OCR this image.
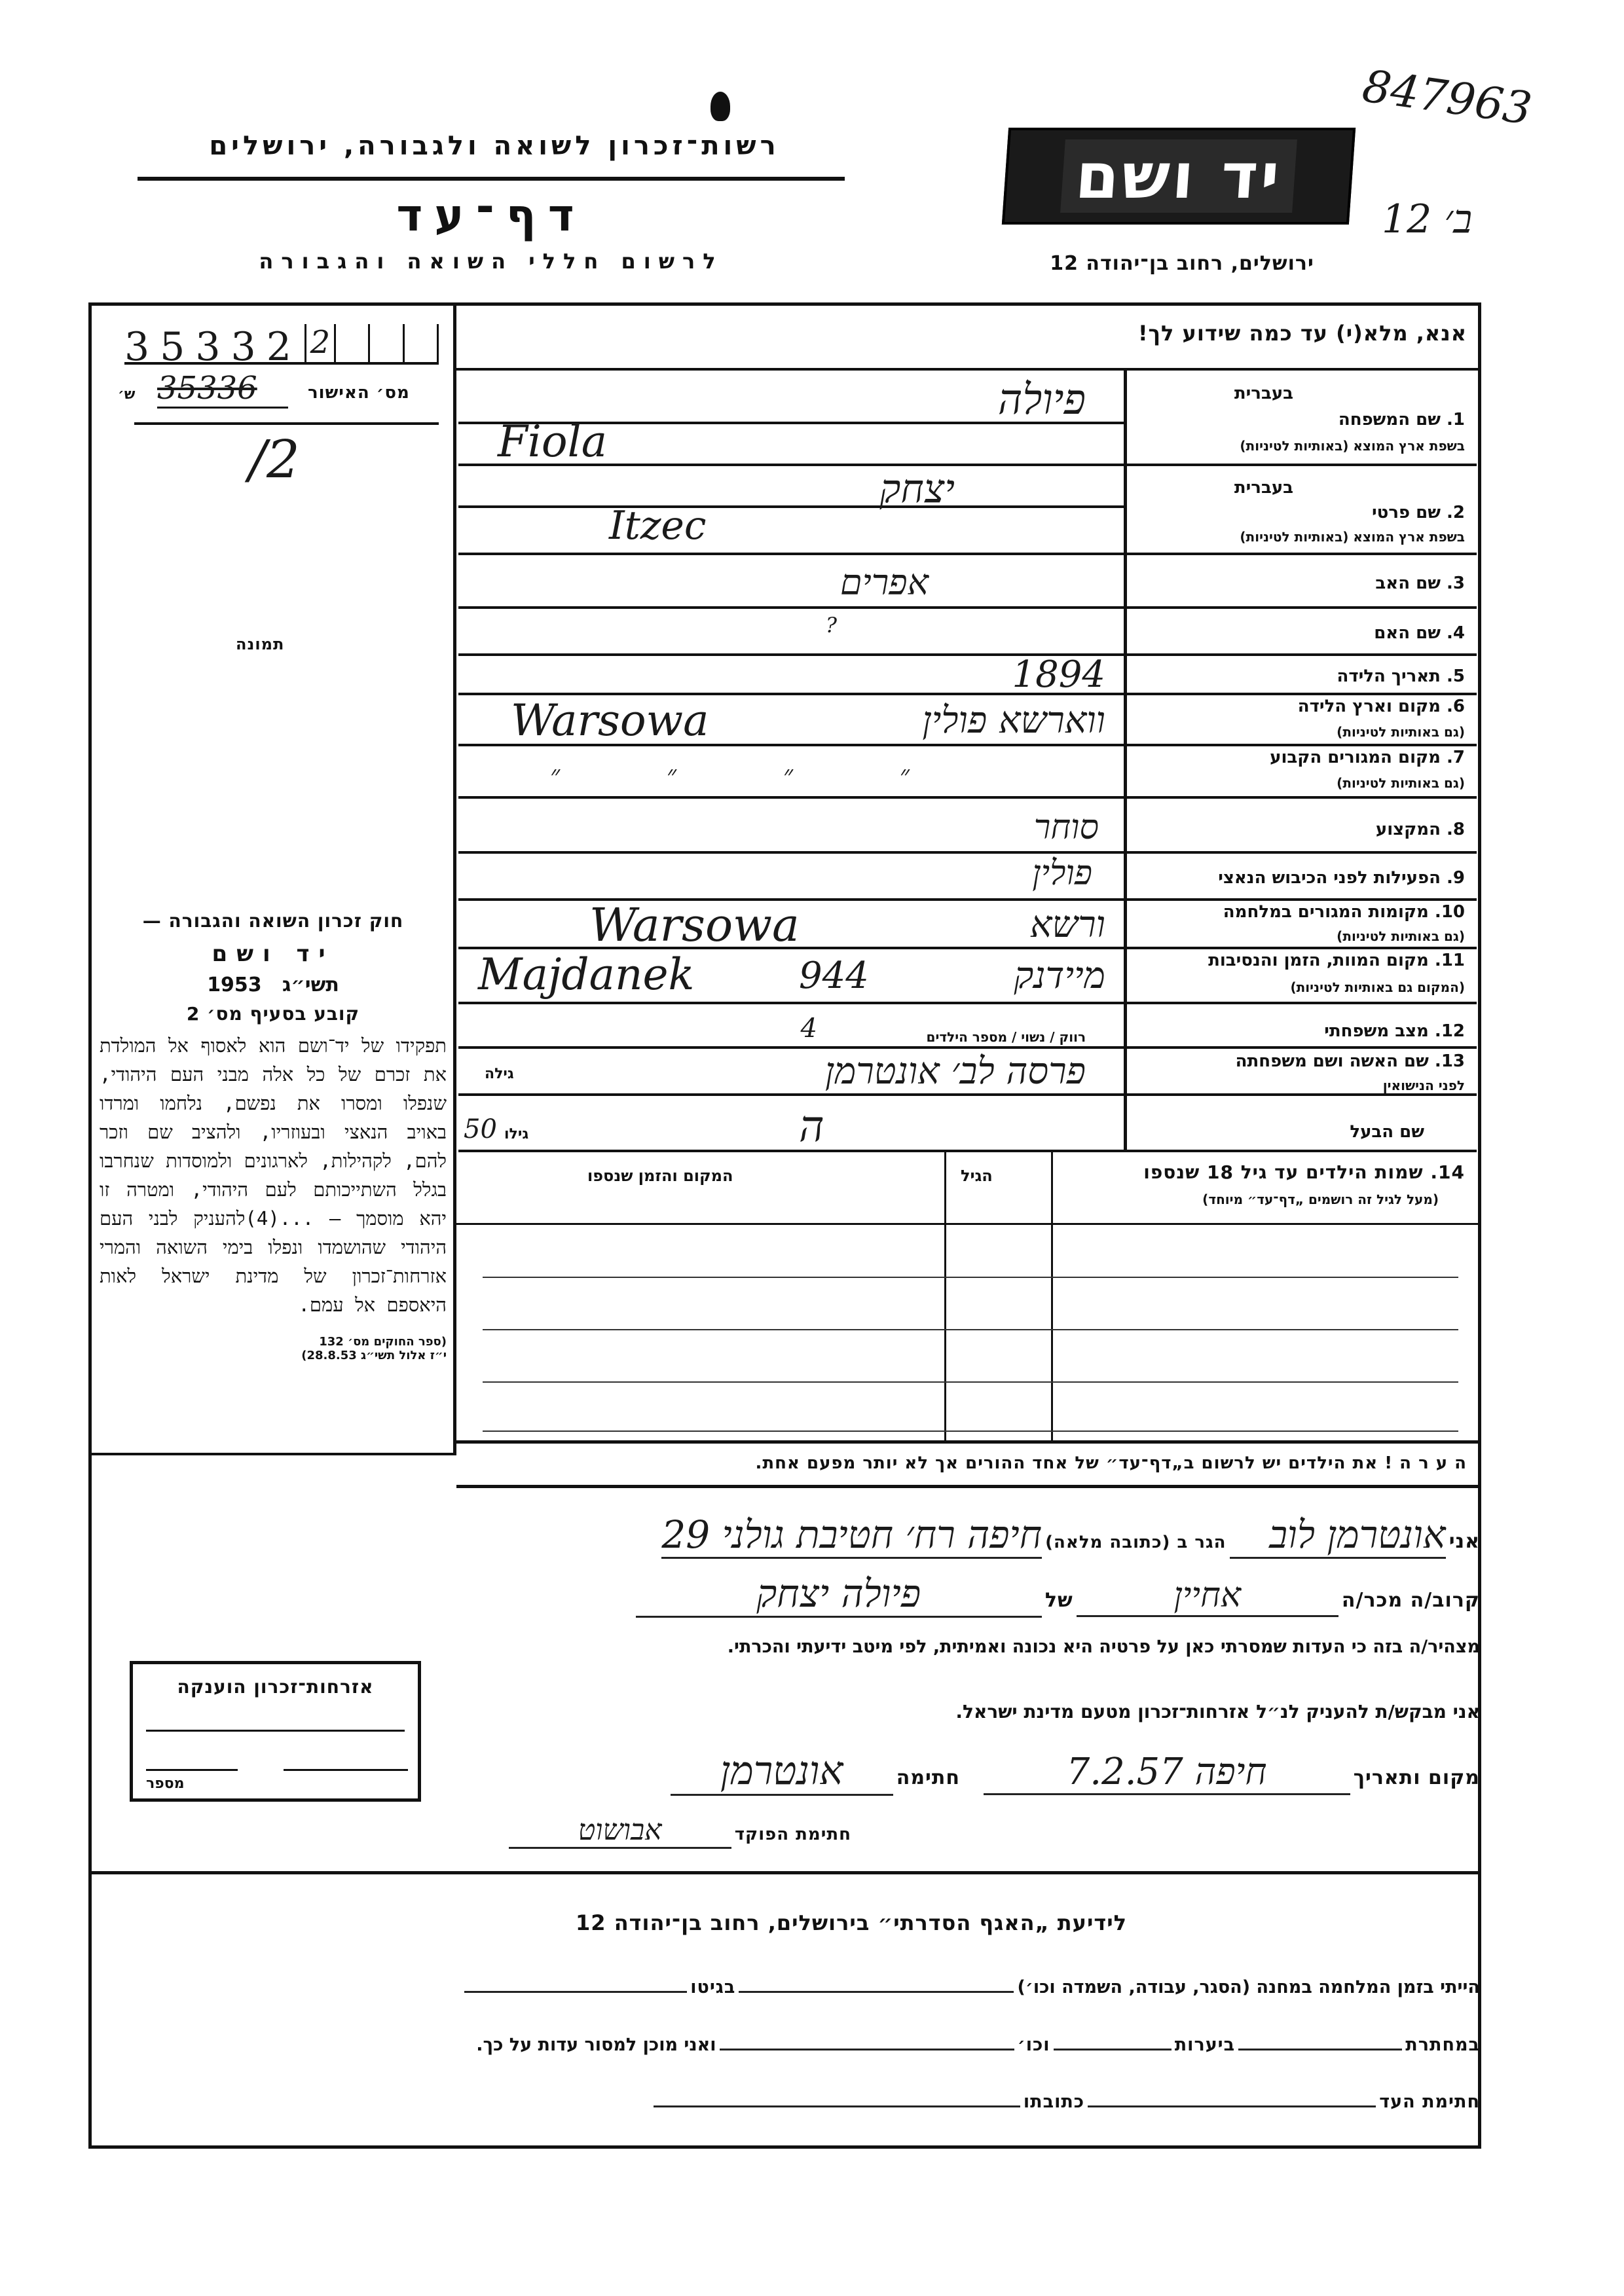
רשות־זכרון לשואה ולגבורה, ירושלים
דף־עד
לרשום חללי השואה והגבורה
יד ושם
ירושלים, רחוב בן־יהודה 12
847963
ב׳ 12
אנא, מלא(י) עד כמה שידוע לך!
35332 2
מס׳ האישור
ש׳ 35336
/2
תמונה
חוק זכרון השואה והגבורה —
יד ושם
תשי״ג   1953
קובע בסעיף מס׳ 2
תפקידו של יד־ושם הוא לאסוף אל המולדת את זכרם של כל אלה מבני העם היהודי, שנפלו ומסרו את נפשם, נלחמו ומרדו באויב הנאצי ובעוזריו, ולהציב שם וזכר להם, לקהילות, לארגונים ולמוסדות שנחרבו בגלל השתייכותם לעם היהודי, ומטרה זו יהא מוסמך — ...(4)להעניק לבני העם היהודי שהושמדו ונפלו בימי השואה והמרי אזרחות־זכרון של מדינת ישראל לאות היאספם אל עמם.
(ספר החוקים מס׳ 132
י״ז אלול תשי״ג 28.8.53)
אזרחות־זכרון הוענקה
מספר
בעברית
1. שם המשפחה
בשפת ארץ המוצא (באותיות לטיניות)
פיולה
Fiola
בעברית
2. שם פרטי
בשפת ארץ המוצא (באותיות לטיניות)
יצחק
Itzec
3. שם האב
אפרים
4. שם האם
?
5. תאריך הלידה
1894
6. מקום וארץ הלידה
(גם באותיות לטיניות)
ווארשא פולין
Warsowa
7. מקום המגורים הקבוע
(גם באותיות לטיניות)
״ ״ ״ ״
8. המקצוע
סוחר
9. הפעילות לפני הכיבוש הנאצי
פולין
10. מקומות המגורים במלחמה
(גם באותיות לטיניות)
ורשא
Warsowa
11. מקום המוות, הזמן והנסיבות
(המקום גם באותיות לטיניות)
מיידנק
944
Majdanek
12. מצב משפחתי
רווק / נשוי / מספר הילדים
4
13. שם האשה ושם משפחתה
לפני הנישואין
גילה	פרסה לב׳ אונטרמן
שם הבעל
גילו
50	ה
14. שמות הילדים עד גיל 18 שנספו
(מעל לגיל זה רושמים „דף־עד״ מיוחד)
הגיל
המקום והזמן שנספו
ה ע ר ה ! את הילדים יש לרשום ב„דף־עד״ של אחד ההורים אך לא יותר מפעם אחת.
אני אונטרמן לוב הגר ב (כתובה מלאה) חיפה רח׳ חטיבת גולני 29
קרוב/ה מכר/ה אחיין של פיולה יצחק
מצהיר/ה בזה כי העדות שמסרתי כאן על פרטיה היא נכונה ואמיתית, לפי מיטב ידיעתי והכרתי.
אני מבקש/ת להעניק לנ״ל אזרחות־זכרון מטעם מדינת ישראל.
מקום ותאריך חיפה 7.2.57       חתימה אונטרמן
חתימת הפוקד אבושוט
לידיעת „האגף הסדרתי״ בירושלים, רחוב בן־יהודה 12
הייתי בזמן המלחמה במחנה (הסגר, עבודה, השמדה וכו׳)  בגיטו
במחתרת  ביערות  וכו׳  ואני מוכן למסור עדות על כך.
חתימת העד  כתובתו
